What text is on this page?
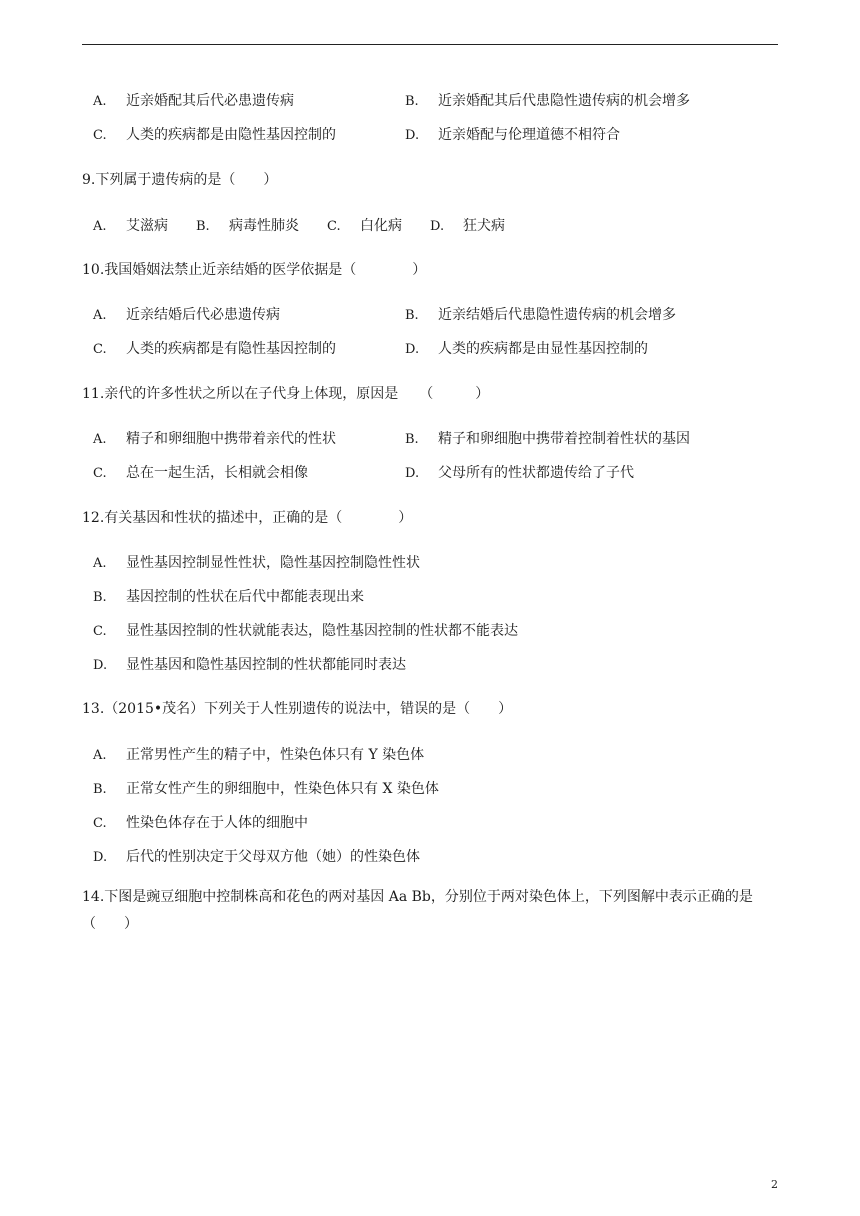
A. 近亲婚配其后代必患遗传病	B. 近亲婚配其后代患隐性遗传病的机会增多
C. 人类的疾病都是由隐性基因控制的	D. 近亲婚配与伦理道德不相符合
9.下列属于遗传病的是（　　）
A. 艾滋病 B. 病毒性肺炎 C. 白化病 D. 狂犬病
10.我国婚姻法禁止近亲结婚的医学依据是（　　　　）
A. 近亲结婚后代必患遗传病	B. 近亲结婚后代患隐性遗传病的机会增多
C. 人类的疾病都是有隐性基因控制的	D. 人类的疾病都是由显性基因控制的
11.亲代的许多性状之所以在子代身上体现，原因是　　（　　　）
A. 精子和卵细胞中携带着亲代的性状	B. 精子和卵细胞中携带着控制着性状的基因
C. 总在一起生活，长相就会相像	D. 父母所有的性状都遗传给了子代
12.有关基因和性状的描述中，正确的是（　　　　）
A. 显性基因控制显性性状，隐性基因控制隐性性状
B. 基因控制的性状在后代中都能表现出来
C. 显性基因控制的性状就能表达，隐性基因控制的性状都不能表达
D. 显性基因和隐性基因控制的性状都能同时表达
13.（2015•茂名）下列关于人性别遗传的说法中，错误的是（　　）
A. 正常男性产生的精子中，性染色体只有 Y 染色体
B. 正常女性产生的卵细胞中，性染色体只有 X 染色体
C. 性染色体存在于人体的细胞中
D. 后代的性别决定于父母双方他（她）的性染色体
14.下图是豌豆细胞中控制株高和花色的两对基因 Aa Bb，分别位于两对染色体上，下列图解中表示正确的是（　　）
2
